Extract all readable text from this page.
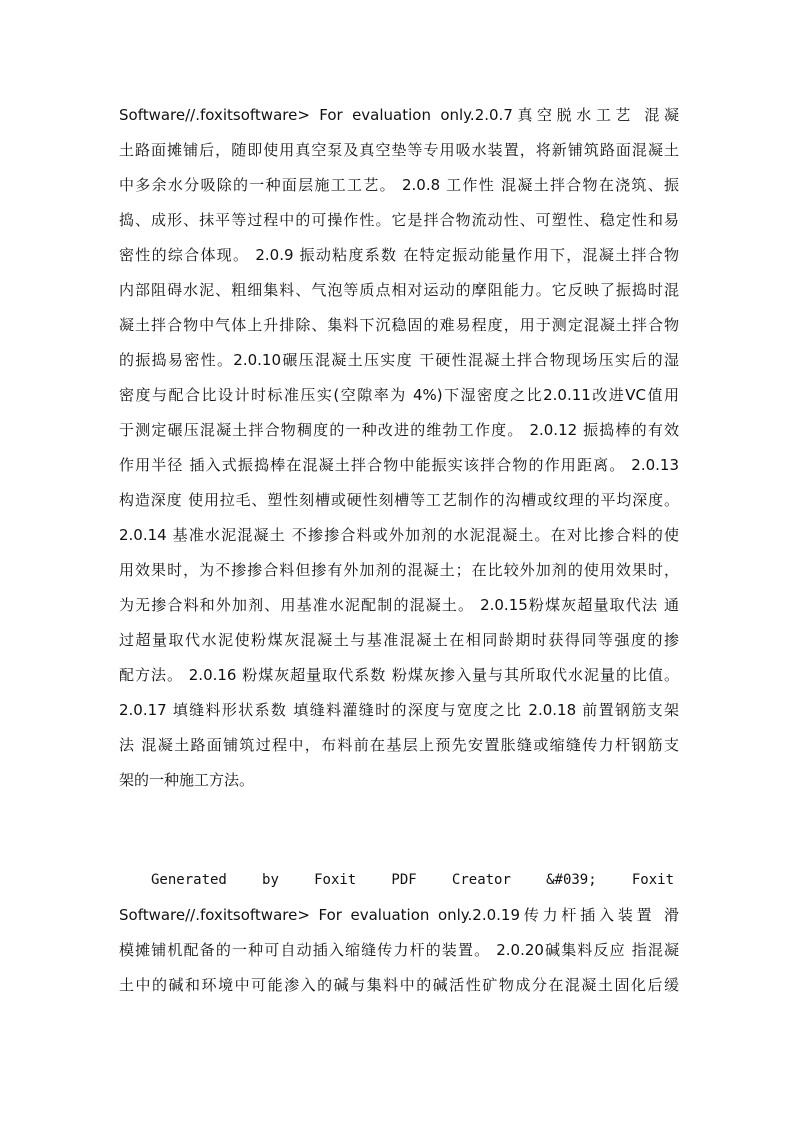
Software//.foxitsoftware> For evaluation only.2.0.7真空脱水工艺 混凝
土路面摊铺后，随即使用真空泵及真空垫等专用吸水装置，将新铺筑路面混凝土
中多余水分吸除的一种面层施工工艺。 2.0.8 工作性 混凝土拌合物在浇筑、振
捣、成形、抹平等过程中的可操作性。它是拌合物流动性、可塑性、稳定性和易
密性的综合体现。 2.0.9 振动粘度系数 在特定振动能量作用下，混凝土拌合物
内部阻碍水泥、粗细集料、气泡等质点相对运动的摩阻能力。它反映了振捣时混
凝土拌合物中气体上升排除、集料下沉稳固的难易程度，用于测定混凝土拌合物
的振捣易密性。2.0.10碾压混凝土压实度 干硬性混凝土拌合物现场压实后的湿
密度与配合比设计时标准压实(空隙率为 4%)下湿密度之比2.0.11改进VC值用
于测定碾压混凝土拌合物稠度的一种改进的维勃工作度。 2.0.12 振捣棒的有效
作用半径 插入式振捣棒在混凝土拌合物中能振实该拌合物的作用距离。 2.0.13
构造深度 使用拉毛、塑性刻槽或硬性刻槽等工艺制作的沟槽或纹理的平均深度。
2.0.14 基准水泥混凝土 不掺掺合料或外加剂的水泥混凝土。在对比掺合料的使
用效果时，为不掺掺合料但掺有外加剂的混凝土；在比较外加剂的使用效果时，
为无掺合料和外加剂、用基准水泥配制的混凝土。 2.0.15粉煤灰超量取代法 通
过超量取代水泥使粉煤灰混凝土与基准混凝土在相同龄期时获得同等强度的掺
配方法。 2.0.16 粉煤灰超量取代系数 粉煤灰掺入量与其所取代水泥量的比值。
2.0.17 填缝料形状系数 填缝料灌缝时的深度与宽度之比 2.0.18 前置钢筋支架
法 混凝土路面铺筑过程中，布料前在基层上预先安置胀缝或缩缝传力杆钢筋支
架的一种施工方法。
Generated by Foxit PDF Creator &#039; Foxit
Software//.foxitsoftware> For evaluation only.2.0.19传力杆插入装置 滑
模摊铺机配备的一种可自动插入缩缝传力杆的装置。 2.0.20碱集料反应 指混凝
土中的碱和环境中可能渗入的碱与集料中的碱活性矿物成分在混凝土固化后缓
